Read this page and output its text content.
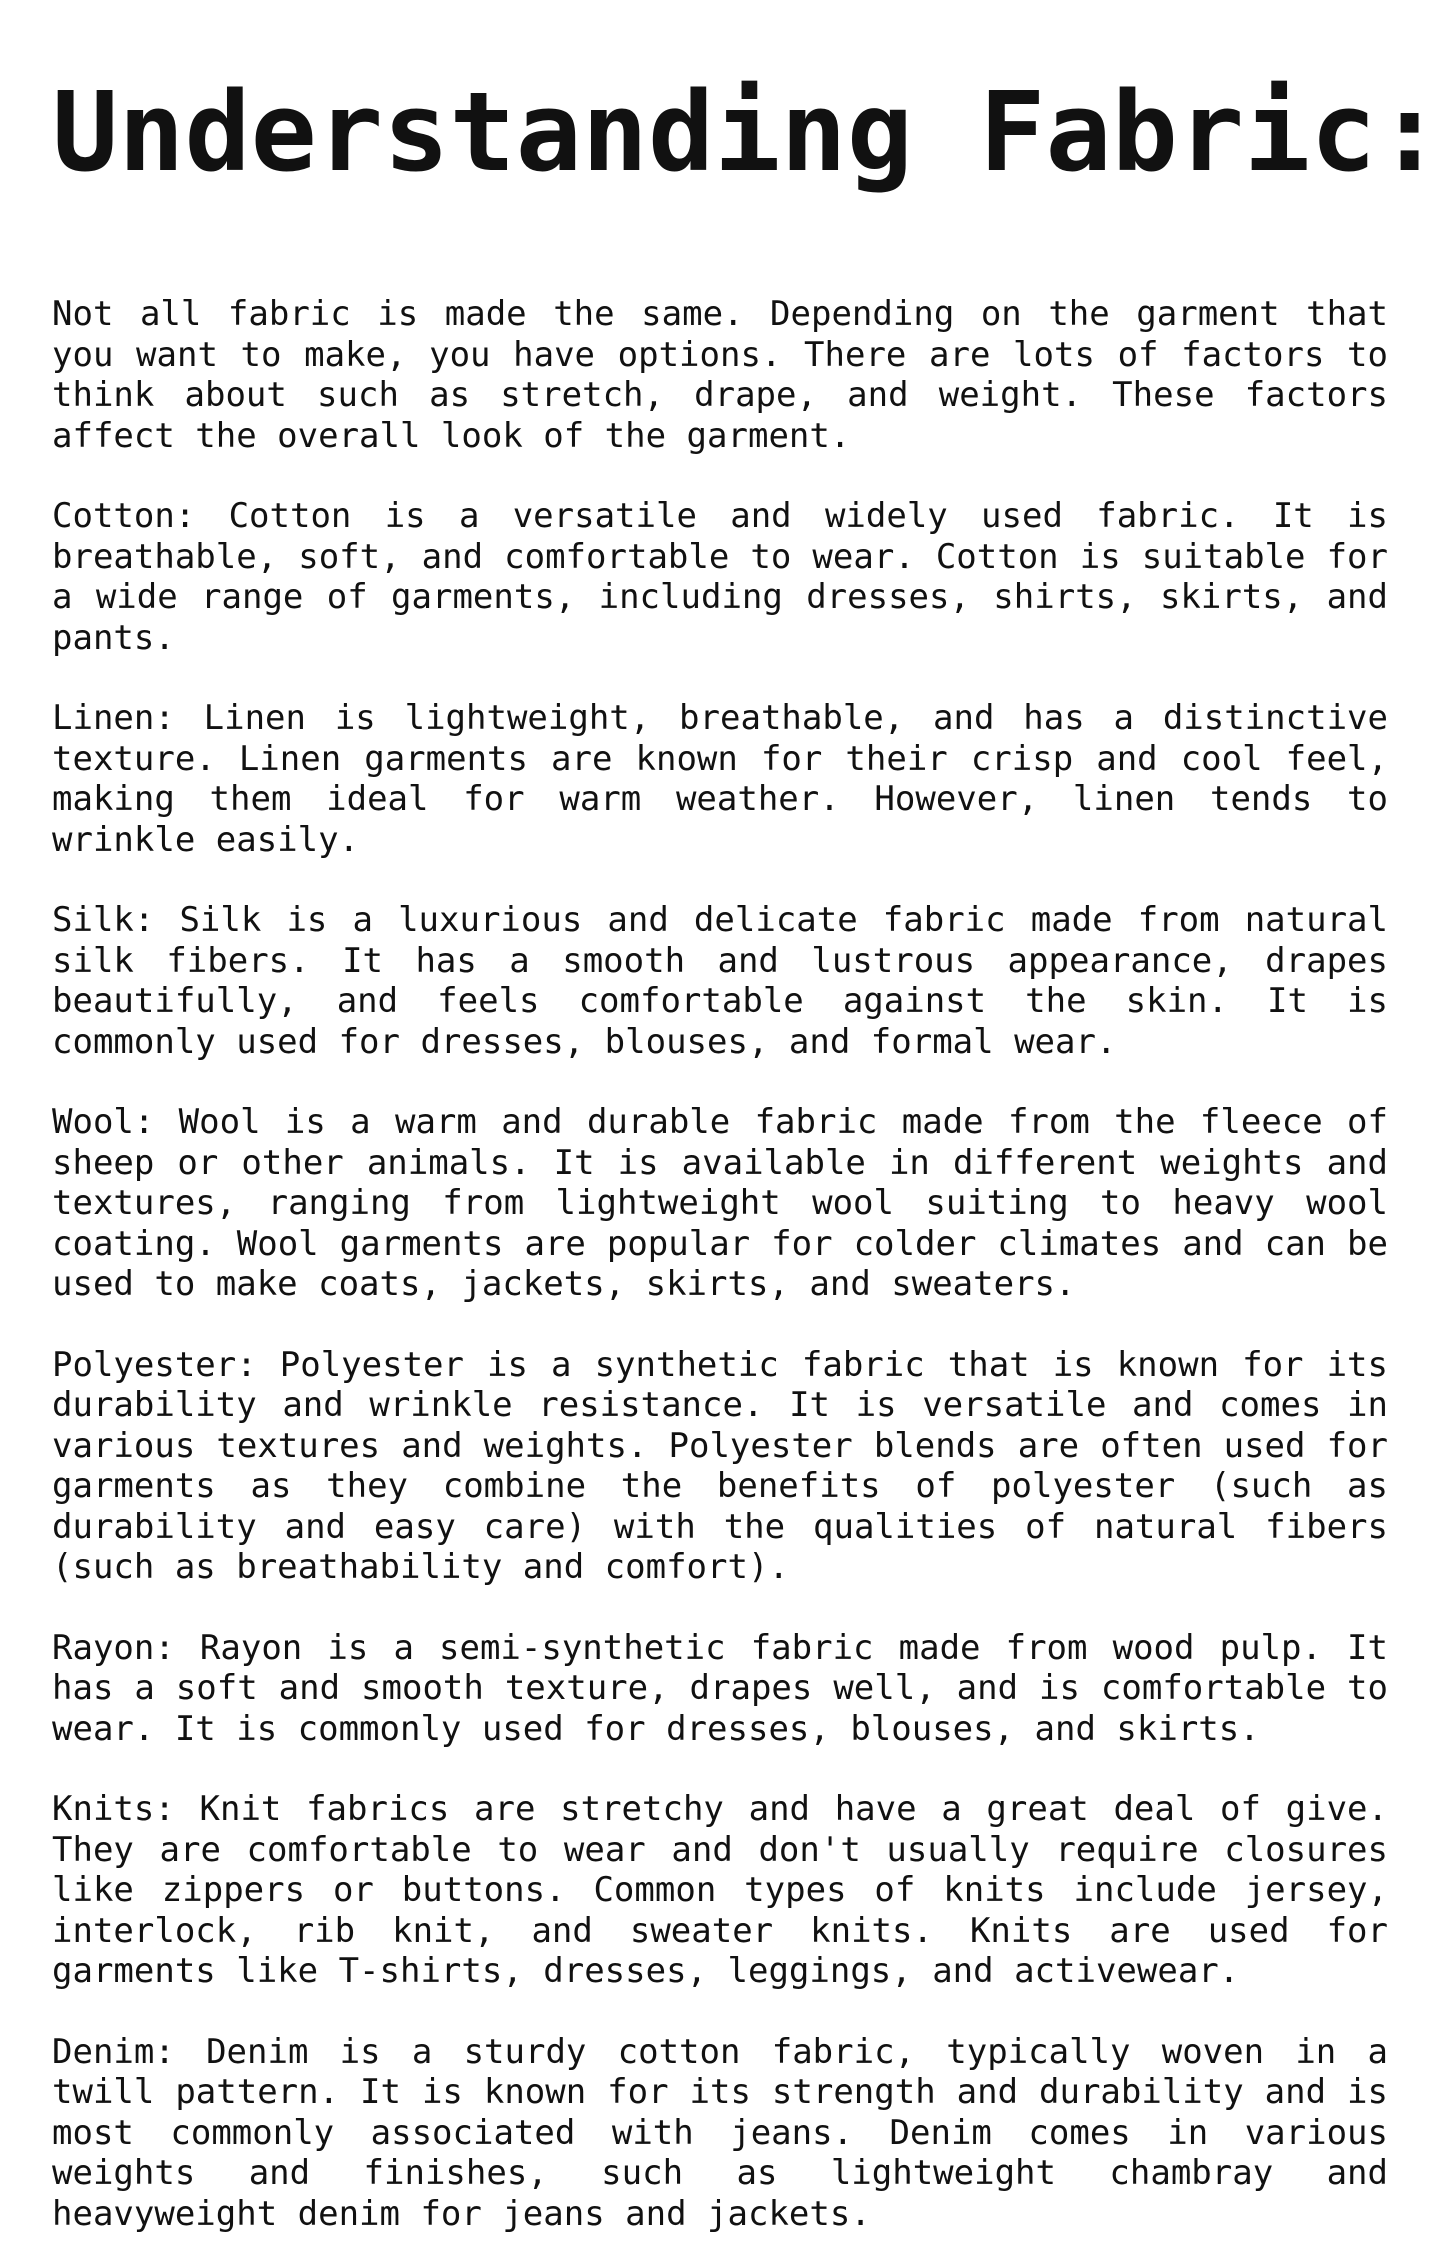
Understanding Fabric:

Not all fabric is made the same. Depending on the garment that you want to make, you have options. There are lots of factors to think about such as stretch, drape, and weight. These factors affect the overall look of the garment.

Cotton: Cotton is a versatile and widely used fabric. It is breathable, soft, and comfortable to wear. Cotton is suitable for a wide range of garments, including dresses, shirts, skirts, and pants.

Linen: Linen is lightweight, breathable, and has a distinctive texture. Linen garments are known for their crisp and cool feel, making them ideal for warm weather. However, linen tends to wrinkle easily.

Silk: Silk is a luxurious and delicate fabric made from natural silk fibers. It has a smooth and lustrous appearance, drapes beautifully, and feels comfortable against the skin. It is commonly used for dresses, blouses, and formal wear.

Wool: Wool is a warm and durable fabric made from the fleece of sheep or other animals. It is available in different weights and textures, ranging from lightweight wool suiting to heavy wool coating. Wool garments are popular for colder climates and can be used to make coats, jackets, skirts, and sweaters.

Polyester: Polyester is a synthetic fabric that is known for its durability and wrinkle resistance. It is versatile and comes in various textures and weights. Polyester blends are often used for garments as they combine the benefits of polyester (such as durability and easy care) with the qualities of natural fibers (such as breathability and comfort).

Rayon: Rayon is a semi-synthetic fabric made from wood pulp. It has a soft and smooth texture, drapes well, and is comfortable to wear. It is commonly used for dresses, blouses, and skirts.

Knits: Knit fabrics are stretchy and have a great deal of give. They are comfortable to wear and don't usually require closures like zippers or buttons. Common types of knits include jersey, interlock, rib knit, and sweater knits. Knits are used for garments like T-shirts, dresses, leggings, and activewear.

Denim: Denim is a sturdy cotton fabric, typically woven in a twill pattern. It is known for its strength and durability and is most commonly associated with jeans. Denim comes in various weights and finishes, such as lightweight chambray and heavyweight denim for jeans and jackets.
